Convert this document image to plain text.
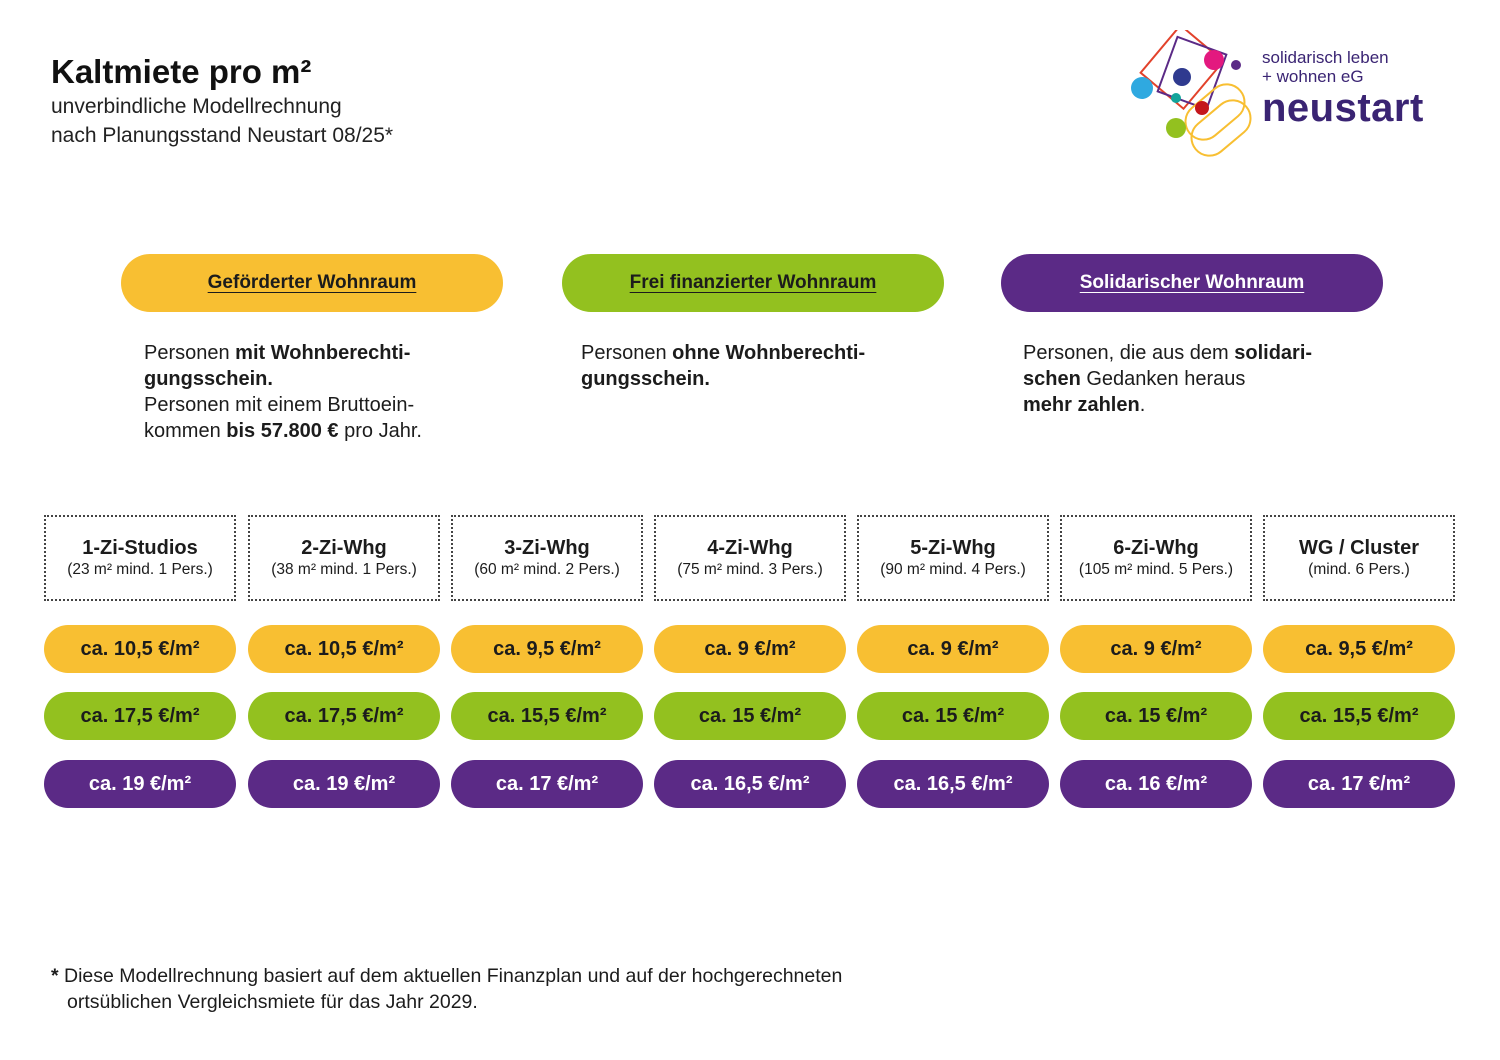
Kaltmiete pro m²

unverbindliche Modellrechnung

nach Planungsstand Neustart 08/25*

solidarisch leben
+ wohnen eG
neustart
Geförderter Wohnraum	Frei finanzierter Wohnraum	Solidarischer Wohnraum

Personen mit Wohnberechti-

gungsschein.

Personen mit einem Bruttoein-

kommen bis 57.800 € pro Jahr.

Personen ohne Wohnberechti-

gungsschein.

Personen, die aus dem solidari-

schen Gedanken heraus

mehr zahlen.

1-Zi-Studios
(23 m² mind. 1 Pers.)
ca. 10,5 €/m²
ca. 17,5 €/m²
ca. 19 €/m²
2-Zi-Whg
(38 m² mind. 1 Pers.)
ca. 10,5 €/m²
ca. 17,5 €/m²
ca. 19 €/m²
3-Zi-Whg
(60 m² mind. 2 Pers.)
ca. 9,5 €/m²
ca. 15,5 €/m²
ca. 17 €/m²
4-Zi-Whg
(75 m² mind. 3 Pers.)
ca. 9 €/m²
ca. 15 €/m²
ca. 16,5 €/m²
5-Zi-Whg
(90 m² mind. 4 Pers.)
ca. 9 €/m²
ca. 15 €/m²
ca. 16,5 €/m²
6-Zi-Whg
(105 m² mind. 5 Pers.)
ca. 9 €/m²
ca. 15 €/m²
ca. 16 €/m²
WG / Cluster
(mind. 6 Pers.)
ca. 9,5 €/m²
ca. 15,5 €/m²
ca. 17 €/m²

* Diese Modellrechnung basiert auf dem aktuellen Finanzplan und auf der hochgerechneten

ortsüblichen Vergleichsmiete für das Jahr 2029.
